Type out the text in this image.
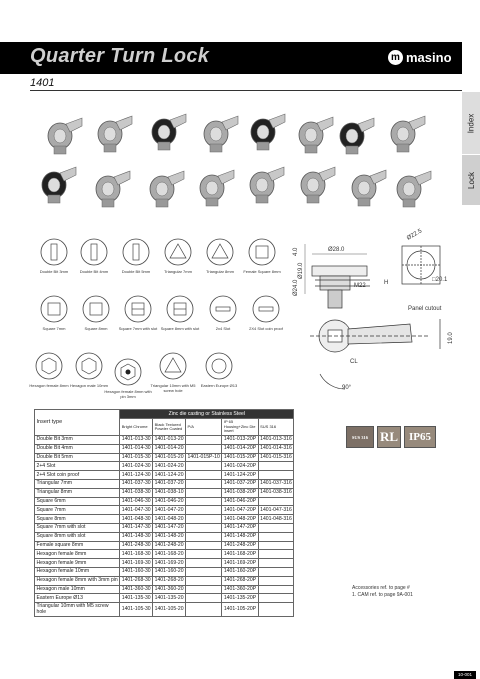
Quarter Turn Lock	m masino
1401
Index
Lock
Double Bit 3mm	Double Bit 4mm	Double Bit 5mm	Triangular 7mm	Triangular 8mm	Female Square 8mm
Square 7mm	Square 8mm	Square 7mm with slot Square 8mm with slot	2x4 Slot	2X4 Slot coin proof
Hexagon female 8mm Hexagon male 10mm
Hexagon female 8mm with pin 3mm
Triangular 10mm with M5 screw hole
Eastern Europe Ø13
Ø28.0
Ø22.5
Ø24.0
4.0
Ø19.0
M22	H	□20.1
Panel cutout
19.0
CL
90°
Insert type	Zinc die casting or Stainless Steel				
	Bright Chrome	Black Textured Powder Coated	P/A	IP 65 Housing+Zinc Die insert	SUS 316
Double Bit 3mm	1401-013-30	1401-013-20		1401-013-20P	1401-013-316
Double Bit 4mm	1401-014-30	1401-014-20		1401-014-20P	1401-014-316
Double Bit 5mm	1401-015-30	1401-015-20	1401-015P-10	1401-015-20P	1401-015-316
2+4 Slot	1401-024-30	1401-024-20		1401-024-20P	
2+4 Slot coin proof	1401-124-30	1401-124-20		1401-124-20P	
Triangular 7mm	1401-037-30	1401-037-20		1401-037-20P	1401-037-316
Triangular 8mm	1401-038-30	1401-038-10		1401-038-20P	1401-038-316
Square 6mm	1401-046-30	1401-046-20		1401-046-20P	
Square 7mm	1401-047-30	1401-047-20		1401-047-20P	1401-047-316
Square 8mm	1401-048-30	1401-048-20		1401-048-20P	1401-048-316
Square 7mm with slot	1401-147-30	1401-147-20		1401-147-20P	
Square 8mm with slot	1401-148-30	1401-148-20		1401-148-20P	
Female square 8mm	1401-248-30	1401-248-20		1401-248-20P	
Hexagon female 8mm	1401-168-30	1401-168-20		1401-168-20P	
Hexagon female 9mm	1401-169-30	1401-169-20		1401-169-20P	
Hexagon female 10mm	1401-160-30	1401-160-20		1401-160-20P	
Hexagon female 8mm with 3mm pin	1401-268-30	1401-268-20		1401-268-20P	
Hexagon male 10mm	1401-360-30	1401-360-20		1401-360-20P	
Eastern Europe Ø13	1401-135-30	1401-135-20		1401-135-20P	
Triangular 10mm with M5 screw hole	1401-105-30	1401-105-20		1401-105-20P	
SUS 316 RL IP65
Accessories ref. to page #
1. CAM ref. to page 9A-001
10-001
